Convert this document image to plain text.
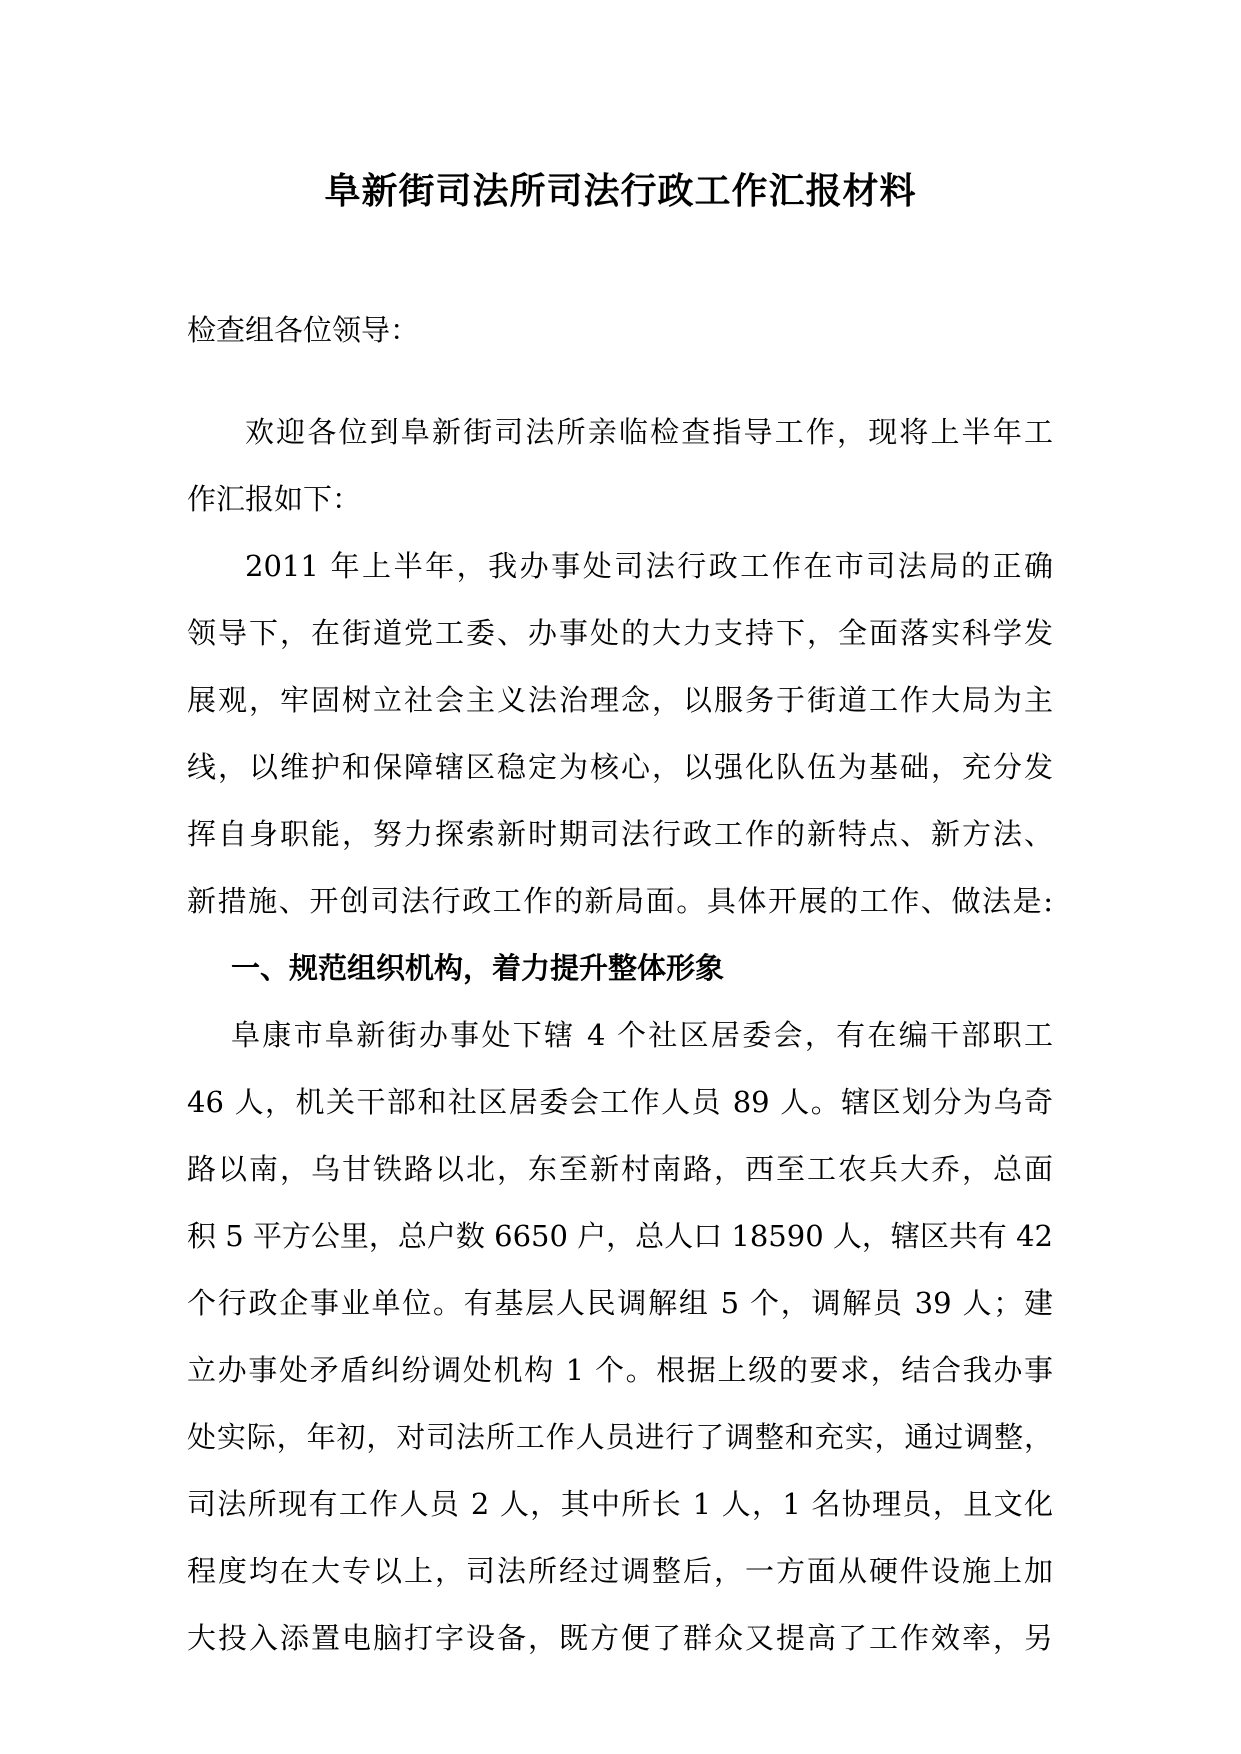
阜新街司法所司法行政工作汇报材料
检查组各位领导：
欢迎各位到阜新街司法所亲临检查指导工作，现将上半年工
作汇报如下：
2011 年上半年，我办事处司法行政工作在市司法局的正确
领导下，在街道党工委、办事处的大力支持下，全面落实科学发
展观，牢固树立社会主义法治理念，以服务于街道工作大局为主
线，以维护和保障辖区稳定为核心，以强化队伍为基础，充分发
挥自身职能，努力探索新时期司法行政工作的新特点、新方法、
新措施、开创司法行政工作的新局面。具体开展的工作、做法是:
一、规范组织机构，着力提升整体形象
阜康市阜新街办事处下辖 4 个社区居委会，有在编干部职工
46 人，机关干部和社区居委会工作人员 89 人。辖区划分为乌奇
路以南，乌甘铁路以北，东至新村南路，西至工农兵大乔，总面
积 5 平方公里，总户数 6650 户，总人口 18590 人，辖区共有 42
个行政企事业单位。有基层人民调解组 5 个，调解员 39 人；建
立办事处矛盾纠纷调处机构 1 个。根据上级的要求，结合我办事
处实际，年初，对司法所工作人员进行了调整和充实，通过调整，
司法所现有工作人员 2 人，其中所长 1 人，1 名协理员，且文化
程度均在大专以上，司法所经过调整后，一方面从硬件设施上加
大投入添置电脑打字设备，既方便了群众又提高了工作效率，另
